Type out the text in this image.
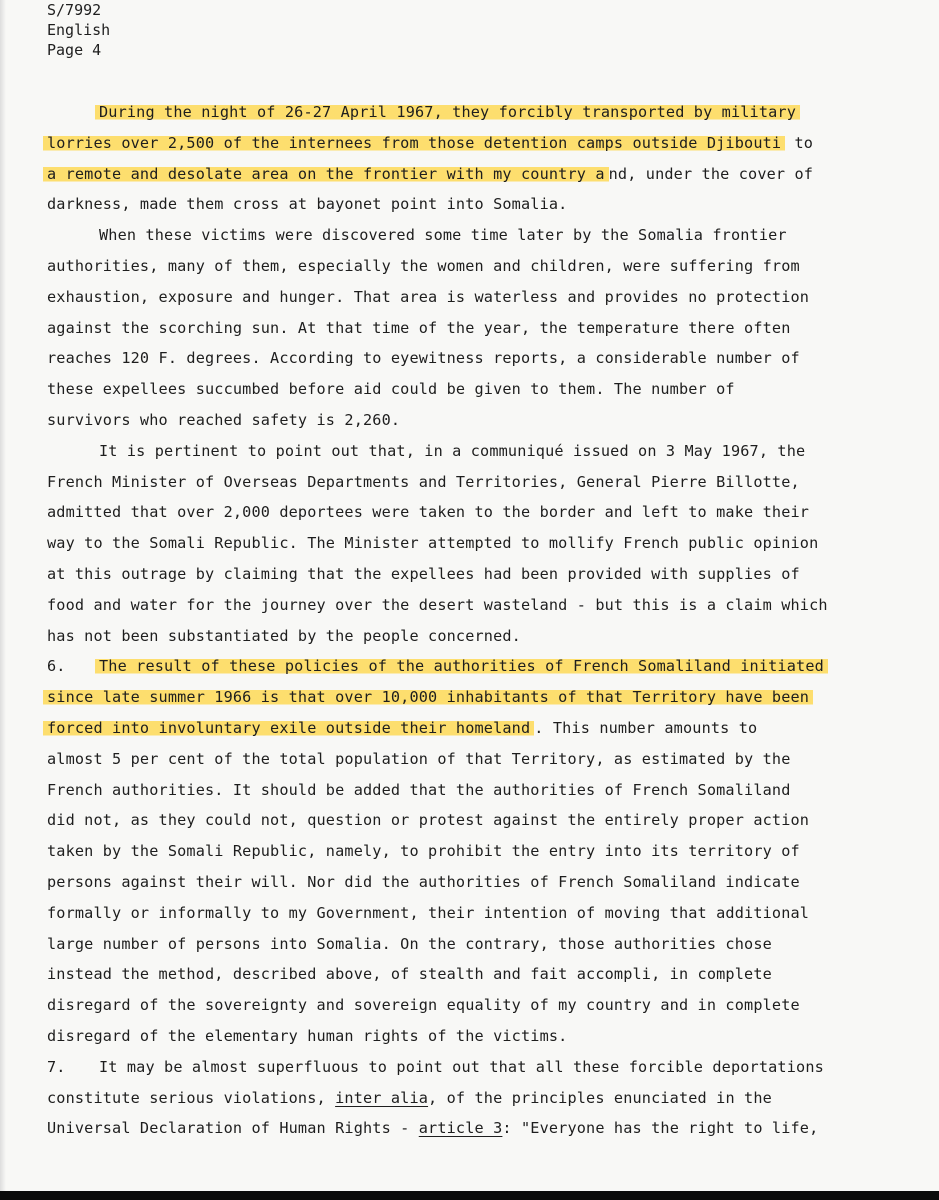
S/7992
English
Page 4
During the night of 26-27 April 1967, they forcibly transported by military
lorries over 2,500 of the internees from those detention camps outside Djibouti to
a remote and desolate area on the frontier with my country a nd, under the cover of
darkness, made them cross at bayonet point into Somalia.
When these victims were discovered some time later by the Somalia frontier
authorities, many of them, especially the women and children, were suffering from
exhaustion, exposure and hunger. That area is waterless and provides no protection
against the scorching sun. At that time of the year, the temperature there often
reaches 120 F. degrees. According to eyewitness reports, a considerable number of
these expellees succumbed before aid could be given to them. The number of
survivors who reached safety is 2,260.
It is pertinent to point out that, in a communiqué issued on 3 May 1967, the
French Minister of Overseas Departments and Territories, General Pierre Billotte,
admitted that over 2,000 deportees were taken to the border and left to make their
way to the Somali Republic. The Minister attempted to mollify French public opinion
at this outrage by claiming that the expellees had been provided with supplies of
food and water for the journey over the desert wasteland - but this is a claim which
has not been substantiated by the people concerned.
6. The result of these policies of the authorities of French Somaliland initiated
since late summer 1966 is that over 10,000 inhabitants of that Territory have been
forced into involuntary exile outside their homeland . This number amounts to
almost 5 per cent of the total population of that Territory, as estimated by the
French authorities. It should be added that the authorities of French Somaliland
did not, as they could not, question or protest against the entirely proper action
taken by the Somali Republic, namely, to prohibit the entry into its territory of
persons against their will. Nor did the authorities of French Somaliland indicate
formally or informally to my Government, their intention of moving that additional
large number of persons into Somalia. On the contrary, those authorities chose
instead the method, described above, of stealth and fait accompli, in complete
disregard of the sovereignty and sovereign equality of my country and in complete
disregard of the elementary human rights of the victims.
7. It may be almost superfluous to point out that all these forcible deportations
constitute serious violations, inter alia, of the principles enunciated in the
Universal Declaration of Human Rights - article 3: "Everyone has the right to life,
